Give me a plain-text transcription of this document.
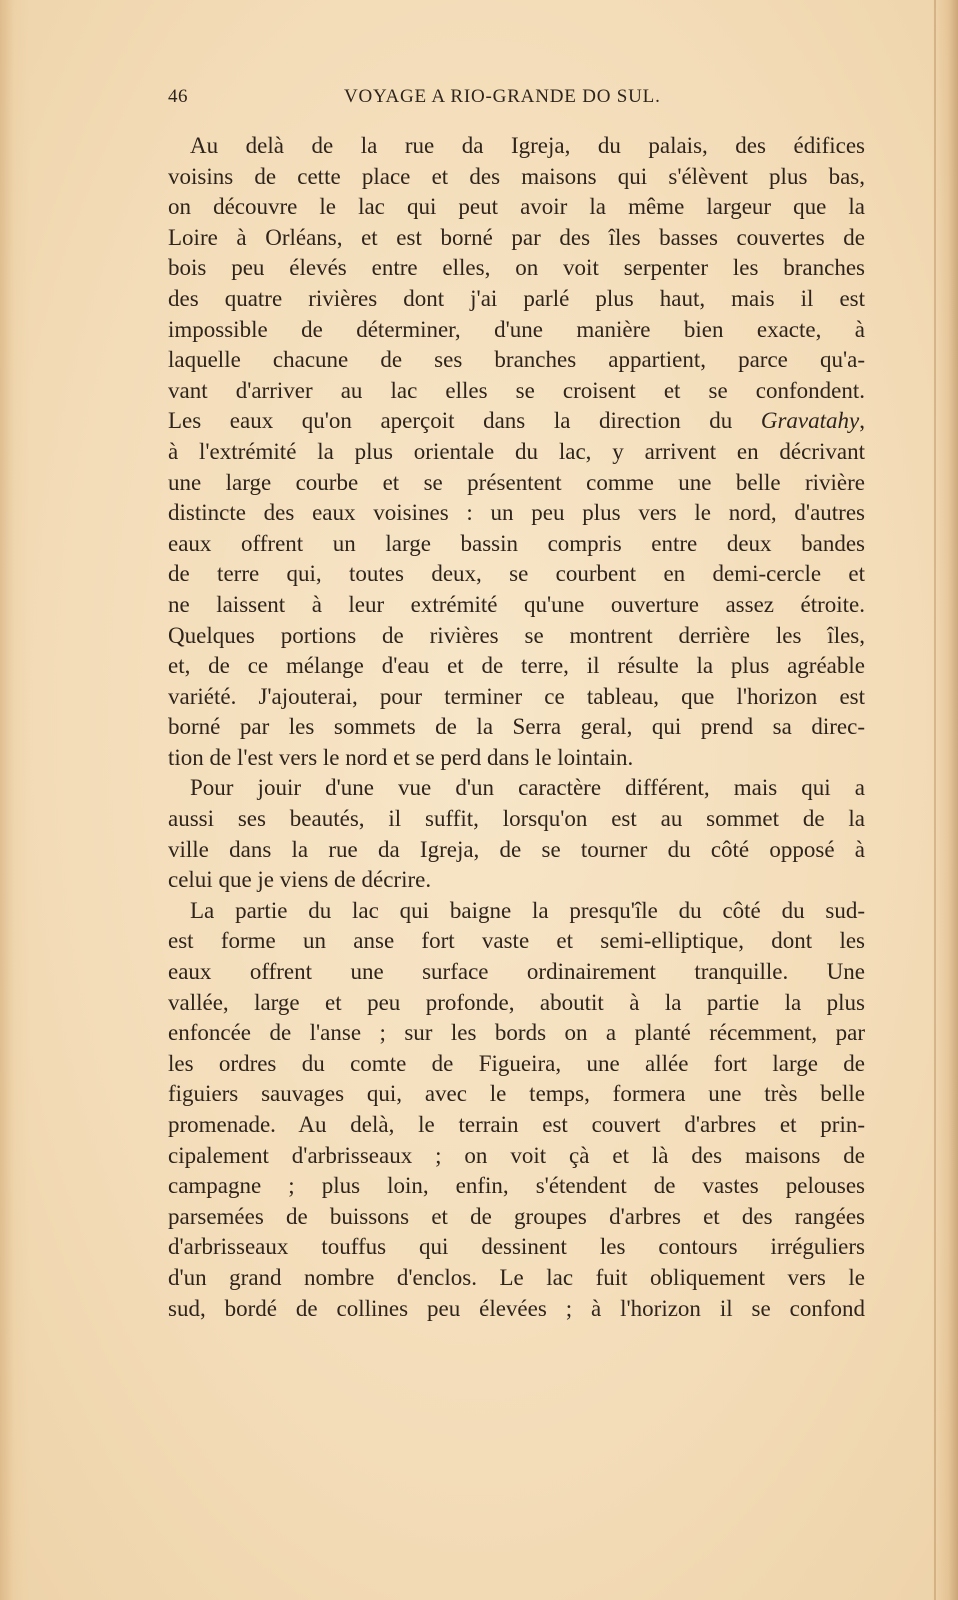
46	VOYAGE A RIO-GRANDE DO SUL.
Au delà de la rue da Igreja, du palais, des édifices
voisins de cette place et des maisons qui s'élèvent plus bas,
on découvre le lac qui peut avoir la même largeur que la
Loire à Orléans, et est borné par des îles basses couvertes de
bois peu élevés entre elles, on voit serpenter les branches
des quatre rivières dont j'ai parlé plus haut, mais il est
impossible de déterminer, d'une manière bien exacte, à
laquelle chacune de ses branches appartient, parce qu'a-
vant d'arriver au lac elles se croisent et se confondent.
Les eaux qu'on aperçoit dans la direction du Gravatahy,
à l'extrémité la plus orientale du lac, y arrivent en décrivant
une large courbe et se présentent comme une belle rivière
distincte des eaux voisines : un peu plus vers le nord, d'autres
eaux offrent un large bassin compris entre deux bandes
de terre qui, toutes deux, se courbent en demi-cercle et
ne laissent à leur extrémité qu'une ouverture assez étroite.
Quelques portions de rivières se montrent derrière les îles,
et, de ce mélange d'eau et de terre, il résulte la plus agréable
variété. J'ajouterai, pour terminer ce tableau, que l'horizon est
borné par les sommets de la Serra geral, qui prend sa direc-
tion de l'est vers le nord et se perd dans le lointain.
Pour jouir d'une vue d'un caractère différent, mais qui a
aussi ses beautés, il suffit, lorsqu'on est au sommet de la
ville dans la rue da Igreja, de se tourner du côté opposé à
celui que je viens de décrire.
La partie du lac qui baigne la presqu'île du côté du sud-
est forme un anse fort vaste et semi-elliptique, dont les
eaux offrent une surface ordinairement tranquille. Une
vallée, large et peu profonde, aboutit à la partie la plus
enfoncée de l'anse ; sur les bords on a planté récemment, par
les ordres du comte de Figueira, une allée fort large de
figuiers sauvages qui, avec le temps, formera une très belle
promenade. Au delà, le terrain est couvert d'arbres et prin-
cipalement d'arbrisseaux ; on voit çà et là des maisons de
campagne ; plus loin, enfin, s'étendent de vastes pelouses
parsemées de buissons et de groupes d'arbres et des rangées
d'arbrisseaux touffus qui dessinent les contours irréguliers
d'un grand nombre d'enclos. Le lac fuit obliquement vers le
sud, bordé de collines peu élevées ; à l'horizon il se confond
